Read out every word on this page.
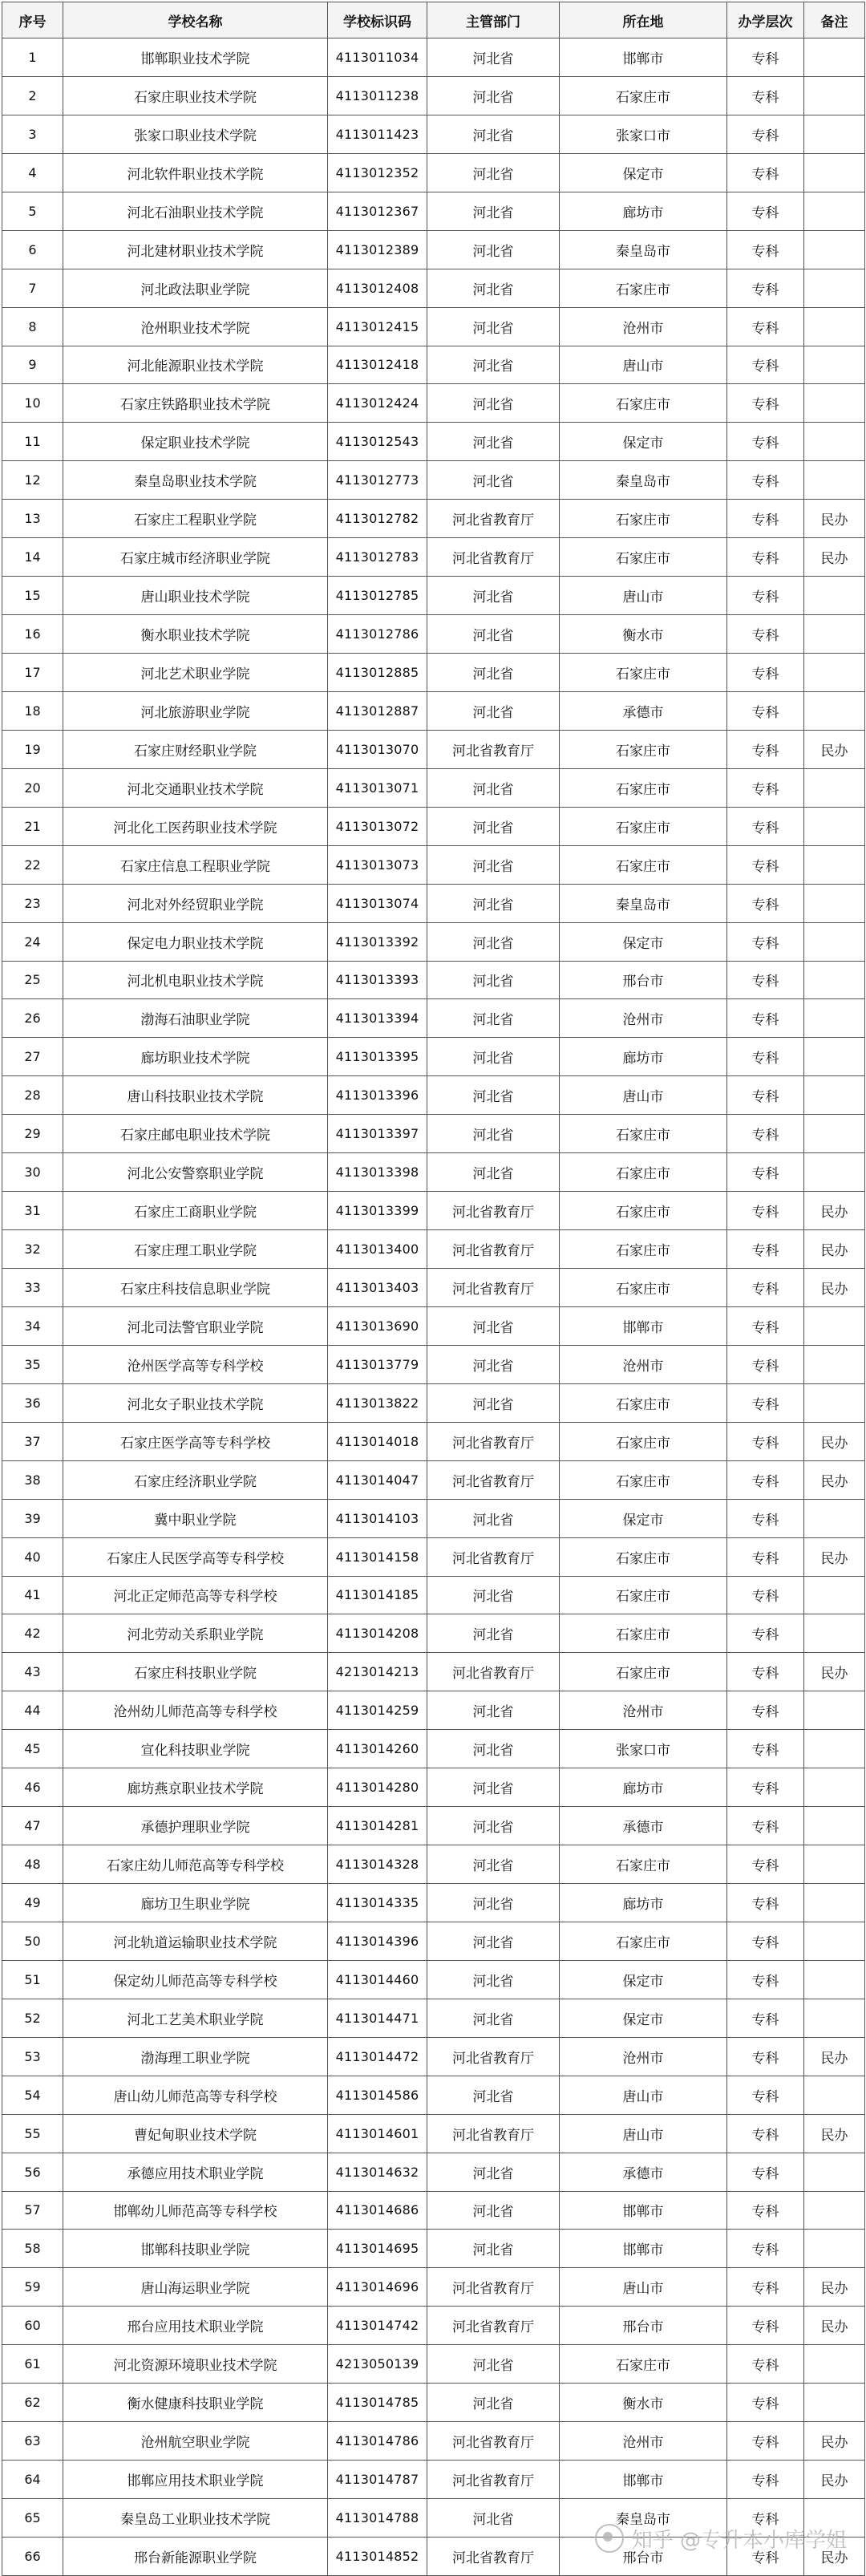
序号	学校名称	学校标识码	主管部门	所在地	办学层次	备注
1	邯郸职业技术学院	4113011034	河北省	邯郸市	专科	
2	石家庄职业技术学院	4113011238	河北省	石家庄市	专科	
3	张家口职业技术学院	4113011423	河北省	张家口市	专科	
4	河北软件职业技术学院	4113012352	河北省	保定市	专科	
5	河北石油职业技术学院	4113012367	河北省	廊坊市	专科	
6	河北建材职业技术学院	4113012389	河北省	秦皇岛市	专科	
7	河北政法职业学院	4113012408	河北省	石家庄市	专科	
8	沧州职业技术学院	4113012415	河北省	沧州市	专科	
9	河北能源职业技术学院	4113012418	河北省	唐山市	专科	
10	石家庄铁路职业技术学院	4113012424	河北省	石家庄市	专科	
11	保定职业技术学院	4113012543	河北省	保定市	专科	
12	秦皇岛职业技术学院	4113012773	河北省	秦皇岛市	专科	
13	石家庄工程职业学院	4113012782	河北省教育厅	石家庄市	专科	民办
14	石家庄城市经济职业学院	4113012783	河北省教育厅	石家庄市	专科	民办
15	唐山职业技术学院	4113012785	河北省	唐山市	专科	
16	衡水职业技术学院	4113012786	河北省	衡水市	专科	
17	河北艺术职业学院	4113012885	河北省	石家庄市	专科	
18	河北旅游职业学院	4113012887	河北省	承德市	专科	
19	石家庄财经职业学院	4113013070	河北省教育厅	石家庄市	专科	民办
20	河北交通职业技术学院	4113013071	河北省	石家庄市	专科	
21	河北化工医药职业技术学院	4113013072	河北省	石家庄市	专科	
22	石家庄信息工程职业学院	4113013073	河北省	石家庄市	专科	
23	河北对外经贸职业学院	4113013074	河北省	秦皇岛市	专科	
24	保定电力职业技术学院	4113013392	河北省	保定市	专科	
25	河北机电职业技术学院	4113013393	河北省	邢台市	专科	
26	渤海石油职业学院	4113013394	河北省	沧州市	专科	
27	廊坊职业技术学院	4113013395	河北省	廊坊市	专科	
28	唐山科技职业技术学院	4113013396	河北省	唐山市	专科	
29	石家庄邮电职业技术学院	4113013397	河北省	石家庄市	专科	
30	河北公安警察职业学院	4113013398	河北省	石家庄市	专科	
31	石家庄工商职业学院	4113013399	河北省教育厅	石家庄市	专科	民办
32	石家庄理工职业学院	4113013400	河北省教育厅	石家庄市	专科	民办
33	石家庄科技信息职业学院	4113013403	河北省教育厅	石家庄市	专科	民办
34	河北司法警官职业学院	4113013690	河北省	邯郸市	专科	
35	沧州医学高等专科学校	4113013779	河北省	沧州市	专科	
36	河北女子职业技术学院	4113013822	河北省	石家庄市	专科	
37	石家庄医学高等专科学校	4113014018	河北省教育厅	石家庄市	专科	民办
38	石家庄经济职业学院	4113014047	河北省教育厅	石家庄市	专科	民办
39	冀中职业学院	4113014103	河北省	保定市	专科	
40	石家庄人民医学高等专科学校	4113014158	河北省教育厅	石家庄市	专科	民办
41	河北正定师范高等专科学校	4113014185	河北省	石家庄市	专科	
42	河北劳动关系职业学院	4113014208	河北省	石家庄市	专科	
43	石家庄科技职业学院	4213014213	河北省教育厅	石家庄市	专科	民办
44	沧州幼儿师范高等专科学校	4113014259	河北省	沧州市	专科	
45	宣化科技职业学院	4113014260	河北省	张家口市	专科	
46	廊坊燕京职业技术学院	4113014280	河北省	廊坊市	专科	
47	承德护理职业学院	4113014281	河北省	承德市	专科	
48	石家庄幼儿师范高等专科学校	4113014328	河北省	石家庄市	专科	
49	廊坊卫生职业学院	4113014335	河北省	廊坊市	专科	
50	河北轨道运输职业技术学院	4113014396	河北省	石家庄市	专科	
51	保定幼儿师范高等专科学校	4113014460	河北省	保定市	专科	
52	河北工艺美术职业学院	4113014471	河北省	保定市	专科	
53	渤海理工职业学院	4113014472	河北省教育厅	沧州市	专科	民办
54	唐山幼儿师范高等专科学校	4113014586	河北省	唐山市	专科	
55	曹妃甸职业技术学院	4113014601	河北省教育厅	唐山市	专科	民办
56	承德应用技术职业学院	4113014632	河北省	承德市	专科	
57	邯郸幼儿师范高等专科学校	4113014686	河北省	邯郸市	专科	
58	邯郸科技职业学院	4113014695	河北省	邯郸市	专科	
59	唐山海运职业学院	4113014696	河北省教育厅	唐山市	专科	民办
60	邢台应用技术职业学院	4113014742	河北省教育厅	邢台市	专科	民办
61	河北资源环境职业技术学院	4213050139	河北省	石家庄市	专科	
62	衡水健康科技职业学院	4113014785	河北省	衡水市	专科	
63	沧州航空职业学院	4113014786	河北省教育厅	沧州市	专科	民办
64	邯郸应用技术职业学院	4113014787	河北省教育厅	邯郸市	专科	民办
65	秦皇岛工业职业技术学院	4113014788	河北省	秦皇岛市	专科	
66	邢台新能源职业学院	4113014852	河北省教育厅	邢台市	专科	民办
知乎 @专升本小库学姐
